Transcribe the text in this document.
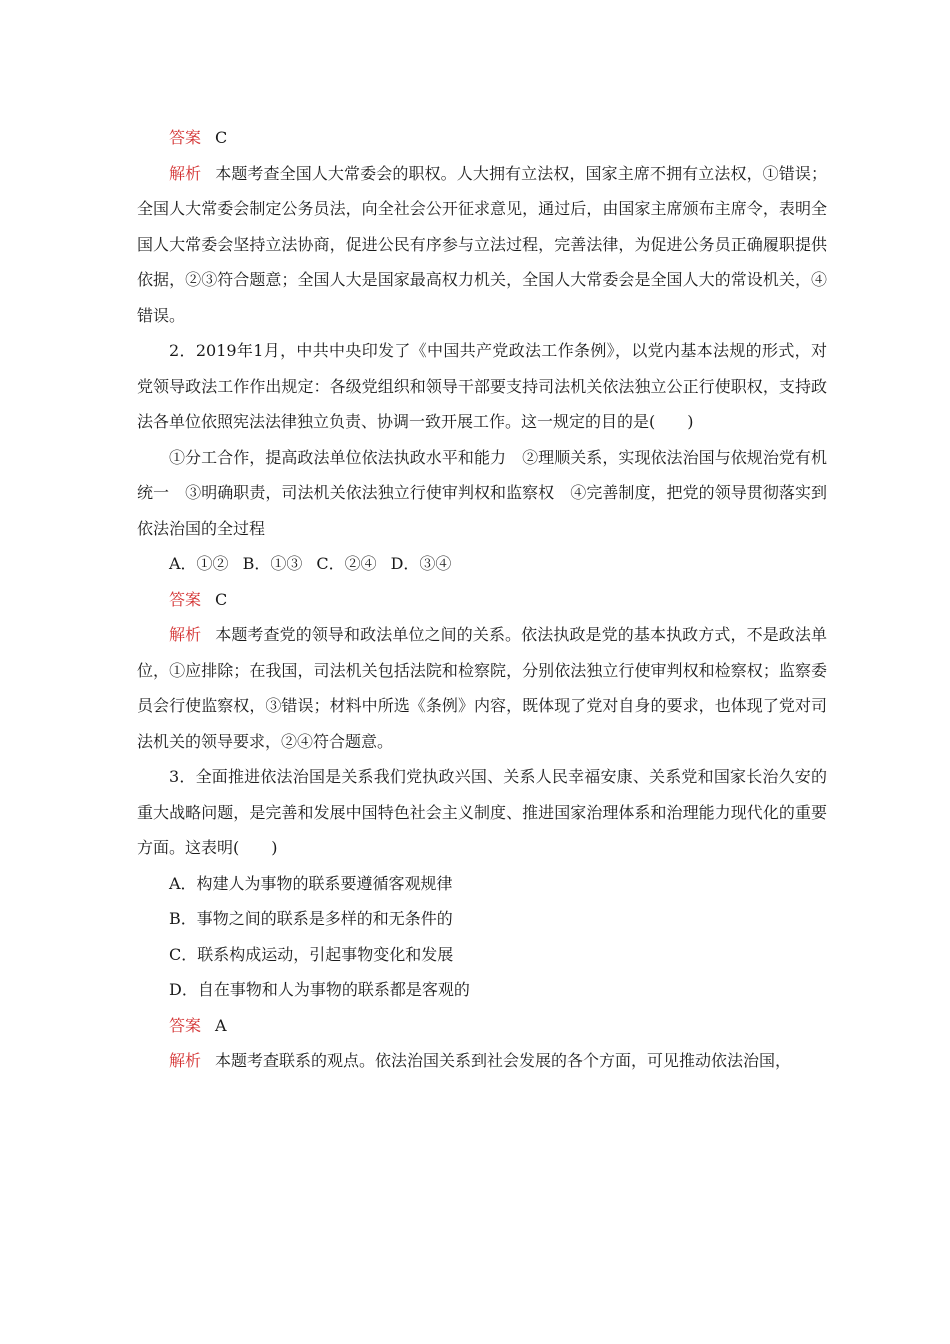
答案 C

解析 本题考查全国人大常委会的职权。人大拥有立法权，国家主席不拥有立法权，①错误；全国人大常委会制定公务员法，向全社会公开征求意见，通过后，由国家主席颁布主席令，表明全国人大常委会坚持立法协商，促进公民有序参与立法过程，完善法律，为促进公务员正确履职提供依据，②③符合题意；全国人大是国家最高权力机关，全国人大常委会是全国人大的常设机关，④错误。

2．2019年1月，中共中央印发了《中国共产党政法工作条例》，以党内基本法规的形式，对党领导政法工作作出规定：各级党组织和领导干部要支持司法机关依法独立公正行使职权，支持政法各单位依照宪法法律独立负责、协调一致开展工作。这一规定的目的是(　　)

①分工合作，提高政法单位依法执政水平和能力　②理顺关系，实现依法治国与依规治党有机统一　③明确职责，司法机关依法独立行使审判权和监察权　④完善制度，把党的领导贯彻落实到依法治国的全过程

A．①② B．①③ C．②④ D．③④

答案 C

解析 本题考查党的领导和政法单位之间的关系。依法执政是党的基本执政方式，不是政法单位，①应排除；在我国，司法机关包括法院和检察院，分别依法独立行使审判权和检察权；监察委员会行使监察权，③错误；材料中所选《条例》内容，既体现了党对自身的要求，也体现了党对司法机关的领导要求，②④符合题意。

3．全面推进依法治国是关系我们党执政兴国、关系人民幸福安康、关系党和国家长治久安的重大战略问题，是完善和发展中国特色社会主义制度、推进国家治理体系和治理能力现代化的重要方面。这表明(　　)

A．构建人为事物的联系要遵循客观规律

B．事物之间的联系是多样的和无条件的

C．联系构成运动，引起事物变化和发展

D．自在事物和人为事物的联系都是客观的

答案 A

解析 本题考查联系的观点。依法治国关系到社会发展的各个方面，可见推动依法治国，
